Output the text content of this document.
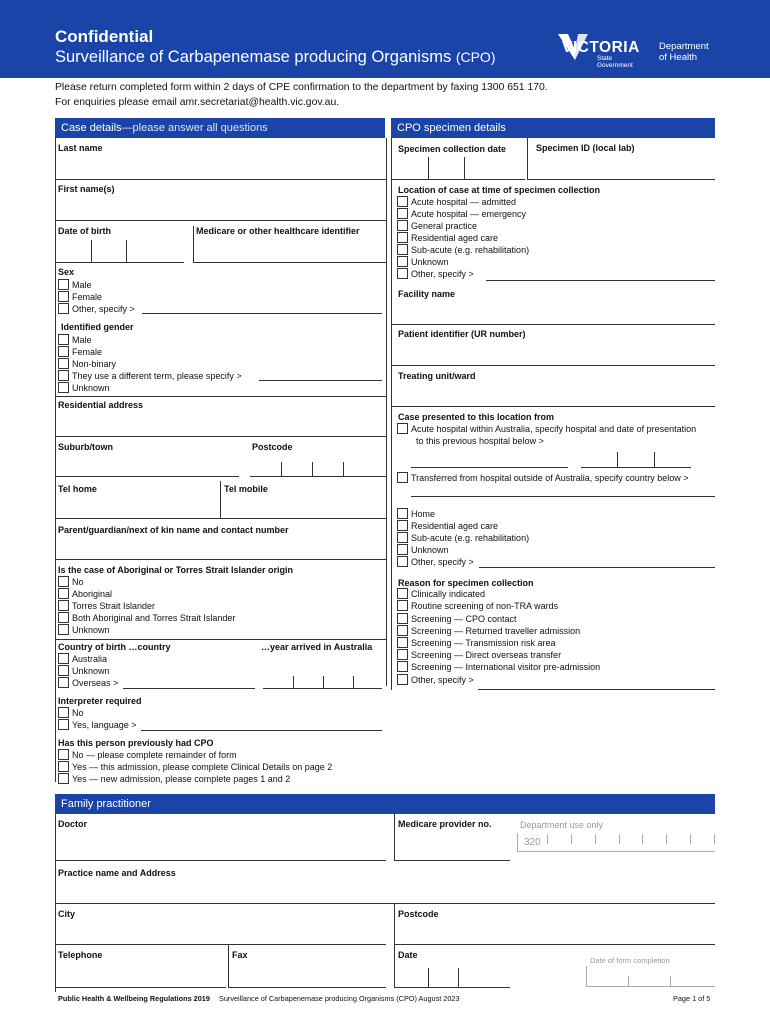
Confidential
Surveillance of Carbapenemase producing Organisms (CPO)
VICTORIA
State
Government
Department
of Health
Please return completed form within 2 days of CPE confirmation to the department by faxing 1300 651 170.
For enquiries please email amr.secretariat@health.vic.gov.au.
Case details—please answer all questions	CPO specimen details
Last name
First name(s)
Date of birth	Medicare or other healthcare identifier
Sex
Male
Female
Other, specify >
Identified gender
Male
Female
Non-binary
They use a different term, please specify >
Unknown
Residential address
Suburb/town	Postcode
Tel home	Tel mobile
Parent/guardian/next of kin name and contact number
Is the case of Aboriginal or Torres Strait Islander origin
No
Aboriginal
Torres Strait Islander
Both Aboriginal and Torres Strait Islander
Unknown
Country of birth …country	…year arrived in Australia
Australia
Unknown
Overseas >
Interpreter required
No
Yes, language >
Has this person previously had CPO
No — please complete remainder of form
Yes — this admission, please complete Clinical Details on page 2
Yes — new admission, please complete pages 1 and 2
Specimen collection date	Specimen ID (local lab)
Location of case at time of specimen collection
Acute hospital — admitted
Acute hospital — emergency
General practice
Residential aged care
Sub-acute (e.g. rehabilitation)
Unknown
Other, specify >
Facility name
Patient identifier (UR number)
Treating unit/ward
Case presented to this location from
Acute hospital within Australia, specify hospital and date of presentation
to this previous hospital below >
Transferred from hospital outside of Australia, specify country below >
Home
Residential aged care
Sub-acute (e.g. rehabilitation)
Unknown
Other, specify >
Reason for specimen collection
Clinically indicated
Routine screening of non-TRA wards
Screening — CPO contact
Screening — Returned traveller admission
Screening — Transmission risk area
Screening — Direct overseas transfer
Screening — International visitor pre-admission
Other, specify >
Family practitioner
Doctor	Medicare provider no.	Department use only
320
Practice name and Address
City	Postcode
Telephone	Fax	Date
Date of form completion
Public Health & Wellbeing Regulations 2019 Surveillance of Carbapenemase producing Organisms (CPO) August 2023	Page 1 of 5
